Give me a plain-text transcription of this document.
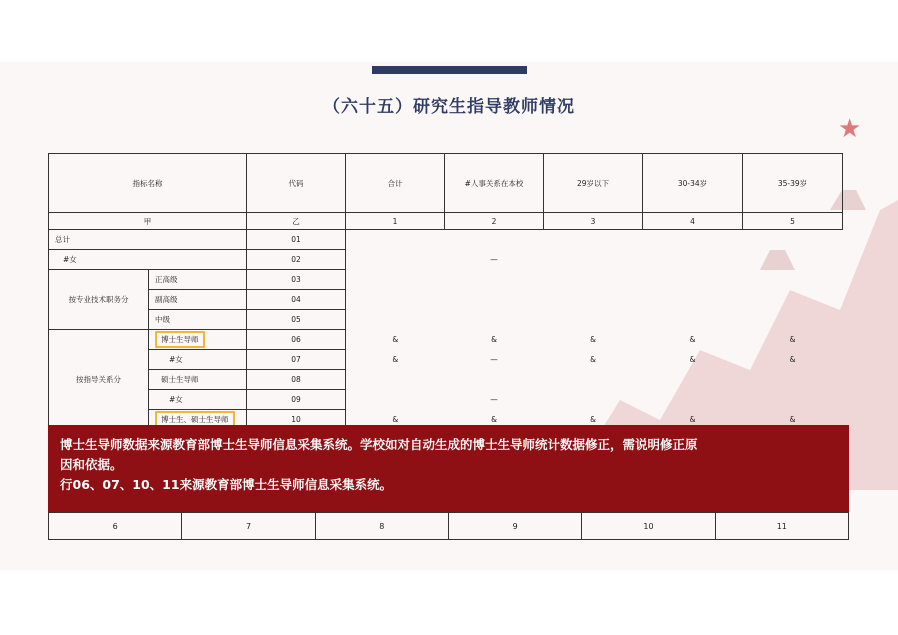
（六十五）研究生指导教师情况
★
指标名称		代码	合计	#人事关系在本校	29岁以下	30-34岁	35-39岁
甲		乙	1	2	3	4	5
总计		01					
#女		02		—			
按专业技术职务分	正高级	03					
	副高级	04					
	中级	05					
按指导关系分	博士生导师	06	&	&	&	&	&
	#女	07	&	—	&	&	&
	硕士生导师	08					
	#女	09		—			
	博士生、硕士生导师	10	&	&	&	&	&
博士生导师数据来源教育部博士生导师信息采集系统。学校如对自动生成的博士生导师统计数据修正，需说明修正原
因和依据。
行06、07、10、11来源教育部博士生导师信息采集系统。
6	7	8	9	10	11
